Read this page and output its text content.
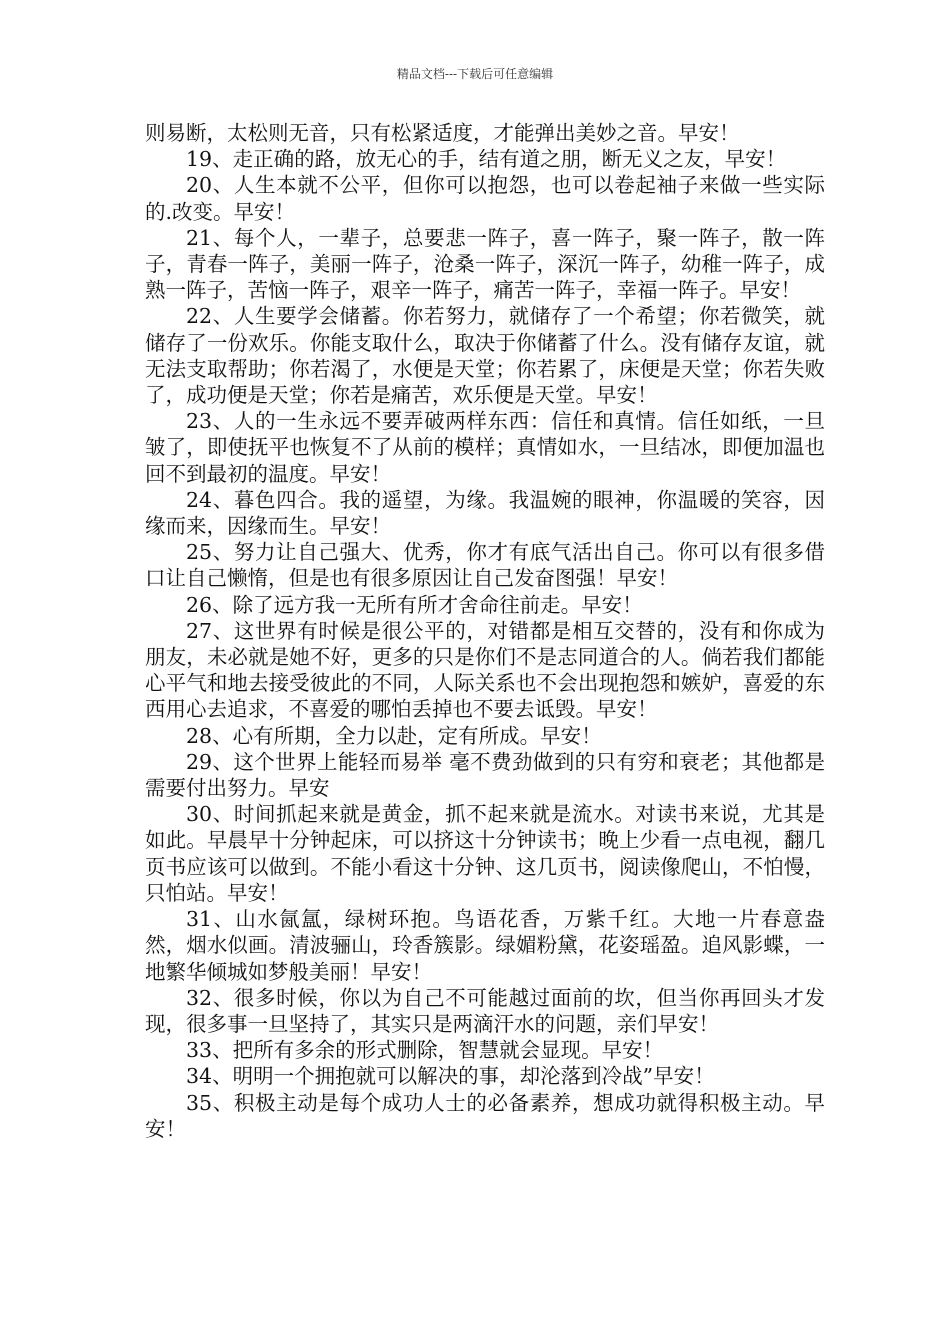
精品文档---下载后可任意编辑

则易断，太松则无音，只有松紧适度，才能弹出美妙之音。早安！

19、走正确的路，放无心的手，结有道之朋，断无义之友，早安！

20、人生本就不公平，但你可以抱怨，也可以卷起袖子来做一些实际的.改变。早安！

21、每个人，一辈子，总要悲一阵子，喜一阵子，聚一阵子，散一阵子，青春一阵子，美丽一阵子，沧桑一阵子，深沉一阵子，幼稚一阵子，成熟一阵子，苦恼一阵子，艰辛一阵子，痛苦一阵子，幸福一阵子。早安！

22、人生要学会储蓄。你若努力，就储存了一个希望；你若微笑，就储存了一份欢乐。你能支取什么，取决于你储蓄了什么。没有储存友谊，就无法支取帮助；你若渴了，水便是天堂；你若累了，床便是天堂；你若失败了，成功便是天堂；你若是痛苦，欢乐便是天堂。早安！

23、人的一生永远不要弄破两样东西：信任和真情。信任如纸，一旦皱了，即使抚平也恢复不了从前的模样；真情如水，一旦结冰，即便加温也回不到最初的温度。早安！

24、暮色四合。我的遥望，为缘。我温婉的眼神，你温暖的笑容，因缘而来，因缘而生。早安！

25、努力让自己强大、优秀，你才有底气活出自己。你可以有很多借口让自己懒惰，但是也有很多原因让自己发奋图强！早安！

26、除了远方我一无所有所才舍命往前走。早安！

27、这世界有时候是很公平的，对错都是相互交替的，没有和你成为朋友，未必就是她不好，更多的只是你们不是志同道合的人。倘若我们都能心平气和地去接受彼此的不同，人际关系也不会出现抱怨和嫉妒，喜爱的东西用心去追求，不喜爱的哪怕丢掉也不要去诋毁。早安！

28、心有所期，全力以赴，定有所成。早安！

29、这个世界上能轻而易举 毫不费劲做到的只有穷和衰老；其他都是需要付出努力。早安

30、时间抓起来就是黄金，抓不起来就是流水。对读书来说，尤其是如此。早晨早十分钟起床，可以挤这十分钟读书；晚上少看一点电视，翻几页书应该可以做到。不能小看这十分钟、这几页书，阅读像爬山，不怕慢，只怕站。早安！

31、山水氤氲，绿树环抱。鸟语花香，万紫千红。大地一片春意盎然，烟水似画。清波骊山，玲香簇影。绿媚粉黛，花姿瑶盈。追风影蝶，一地繁华倾城如梦般美丽！早安！

32、很多时候，你以为自己不可能越过面前的坎，但当你再回头才发现，很多事一旦坚持了，其实只是两滴汗水的问题，亲们早安！

33、把所有多余的形式删除，智慧就会显现。早安！

34、明明一个拥抱就可以解决的事，却沦落到冷战”早安！

35、积极主动是每个成功人士的必备素养，想成功就得积极主动。早安！
